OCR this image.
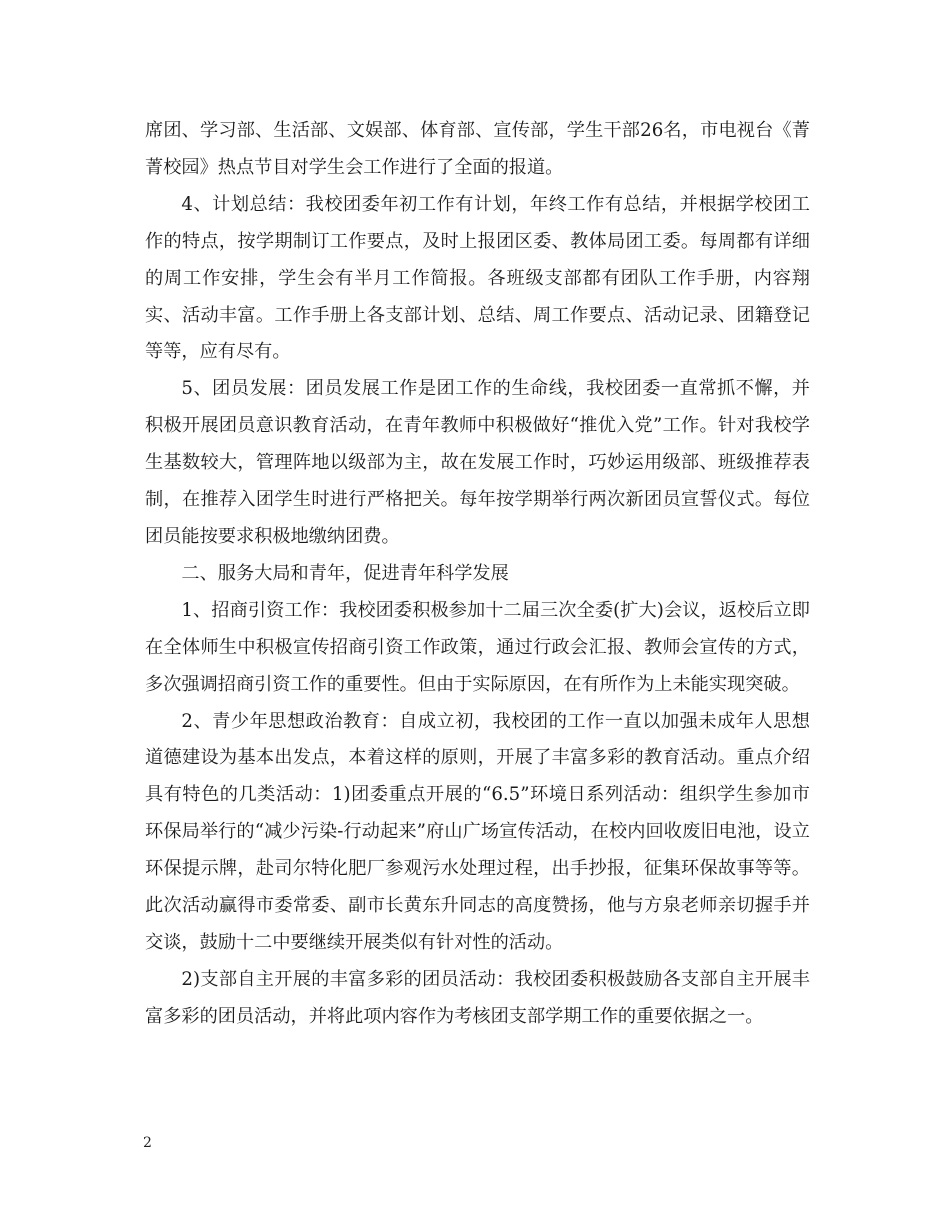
席团、学习部、生活部、文娱部、体育部、宣传部，学生干部26名，市电视台《菁菁校园》热点节目对学生会工作进行了全面的报道。

4、计划总结：我校团委年初工作有计划，年终工作有总结，并根据学校团工作的特点，按学期制订工作要点，及时上报团区委、教体局团工委。每周都有详细的周工作安排，学生会有半月工作简报。各班级支部都有团队工作手册，内容翔实、活动丰富。工作手册上各支部计划、总结、周工作要点、活动记录、团籍登记等等，应有尽有。

5、团员发展：团员发展工作是团工作的生命线，我校团委一直常抓不懈，并积极开展团员意识教育活动，在青年教师中积极做好“推优入党”工作。针对我校学生基数较大，管理阵地以级部为主，故在发展工作时，巧妙运用级部、班级推荐表制，在推荐入团学生时进行严格把关。每年按学期举行两次新团员宣誓仪式。每位团员能按要求积极地缴纳团费。

二、服务大局和青年，促进青年科学发展

1、招商引资工作：我校团委积极参加十二届三次全委(扩大)会议，返校后立即在全体师生中积极宣传招商引资工作政策，通过行政会汇报、教师会宣传的方式，多次强调招商引资工作的重要性。但由于实际原因，在有所作为上未能实现突破。

2、青少年思想政治教育：自成立初，我校团的工作一直以加强未成年人思想道德建设为基本出发点，本着这样的原则，开展了丰富多彩的教育活动。重点介绍具有特色的几类活动：1)团委重点开展的“6.5”环境日系列活动：组织学生参加市环保局举行的“减少污染-行动起来”府山广场宣传活动，在校内回收废旧电池，设立环保提示牌，赴司尔特化肥厂参观污水处理过程，出手抄报，征集环保故事等等。此次活动赢得市委常委、副市长黄东升同志的高度赞扬，他与方泉老师亲切握手并交谈，鼓励十二中要继续开展类似有针对性的活动。

2)支部自主开展的丰富多彩的团员活动：我校团委积极鼓励各支部自主开展丰富多彩的团员活动，并将此项内容作为考核团支部学期工作的重要依据之一。

2
